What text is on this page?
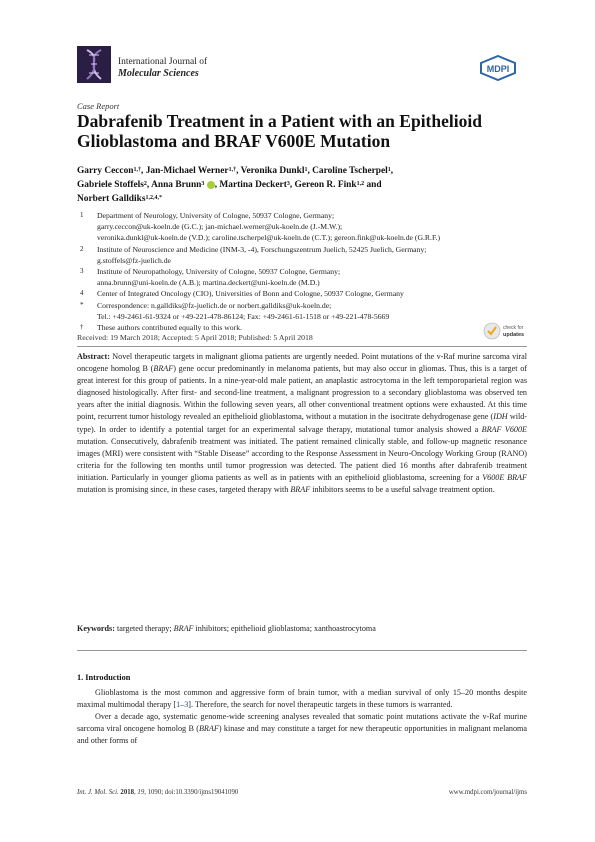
International Journal of
Molecular Sciences	MDPI
Case Report
Dabrafenib Treatment in a Patient with an Epithelioid Glioblastoma and BRAF V600E Mutation
Garry Ceccon$^{1,\dagger}$, Jan-Michael Werner$^{1,\dagger}$, Veronika Dunkl$^1$, Caroline Tscherpel$^1$,
Gabriele Stoffels$^2$, Anna Brunn$^3$ , Martina Deckert$^3$, Gereon R. Fink$^{1,2}$ and
Norbert Galldiks$^{1,2,4,*}$
1	Department of Neurology, University of Cologne, 50937 Cologne, Germany;
garry.ceccon@uk-koeln.de (G.C.); jan-michael.werner@uk-koeln.de (J.-M.W.);
veronika.dunkl@uk-koeln.de (V.D.); caroline.tscherpel@uk-koeln.de (C.T.); gereon.fink@uk-koeln.de (G.R.F.)
2	Institute of Neuroscience and Medicine (INM-3, -4), Forschungszentrum Juelich, 52425 Juelich, Germany;
g.stoffels@fz-juelich.de
3	Institute of Neuropathology, University of Cologne, 50937 Cologne, Germany;
anna.brunn@uni-koeln.de (A.B.); martina.deckert@uni-koeln.de (M.D.)
4	Center of Integrated Oncology (CIO), Universities of Bonn and Cologne, 50937 Cologne, Germany
*	Correspondence: n.galldiks@fz-juelich.de or norbert.galldiks@uk-koeln.de;
Tel.: +49-2461-61-9324 or +49-221-478-86124; Fax: +49-2461-61-1518 or +49-221-478-5669
†	These authors contributed equally to this work.
Received: 19 March 2018; Accepted: 5 April 2018; Published: 5 April 2018
check for
updates
Abstract: Novel therapeutic targets in malignant glioma patients are urgently needed. Point mutations of the v-Raf murine sarcoma viral oncogene homolog B (BRAF) gene occur predominantly in melanoma patients, but may also occur in gliomas. Thus, this is a target of great interest for this group of patients. In a nine-year-old male patient, an anaplastic astrocytoma in the left temporoparietal region was diagnosed histologically. After first- and second-line treatment, a malignant progression to a secondary glioblastoma was observed ten years after the initial diagnosis. Within the following seven years, all other conventional treatment options were exhausted. At this time point, recurrent tumor histology revealed an epithelioid glioblastoma, without a mutation in the isocitrate dehydrogenase gene (IDH wild-type). In order to identify a potential target for an experimental salvage therapy, mutational tumor analysis showed a BRAF V600E mutation. Consecutively, dabrafenib treatment was initiated. The patient remained clinically stable, and follow-up magnetic resonance images (MRI) were consistent with “Stable Disease” according to the Response Assessment in Neuro-Oncology Working Group (RANO) criteria for the following ten months until tumor progression was detected. The patient died 16 months after dabrafenib treatment initiation. Particularly in younger glioma patients as well as in patients with an epithelioid glioblastoma, screening for a V600E BRAF mutation is promising since, in these cases, targeted therapy with BRAF inhibitors seems to be a useful salvage treatment option.
Keywords: targeted therapy; BRAF inhibitors; epithelioid glioblastoma; xanthoastrocytoma
1. Introduction

Glioblastoma is the most common and aggressive form of brain tumor, with a median survival of only 15–20 months despite maximal multimodal therapy [1–3]. Therefore, the search for novel therapeutic targets in these tumors is warranted.

Over a decade ago, systematic genome-wide screening analyses revealed that somatic point mutations activate the v-Raf murine sarcoma viral oncogene homolog B (BRAF) kinase and may constitute a target for new therapeutic opportunities in malignant melanoma and other forms of

Int. J. Mol. Sci. 2018, 19, 1090; doi:10.3390/ijms19041090	www.mdpi.com/journal/ijms
